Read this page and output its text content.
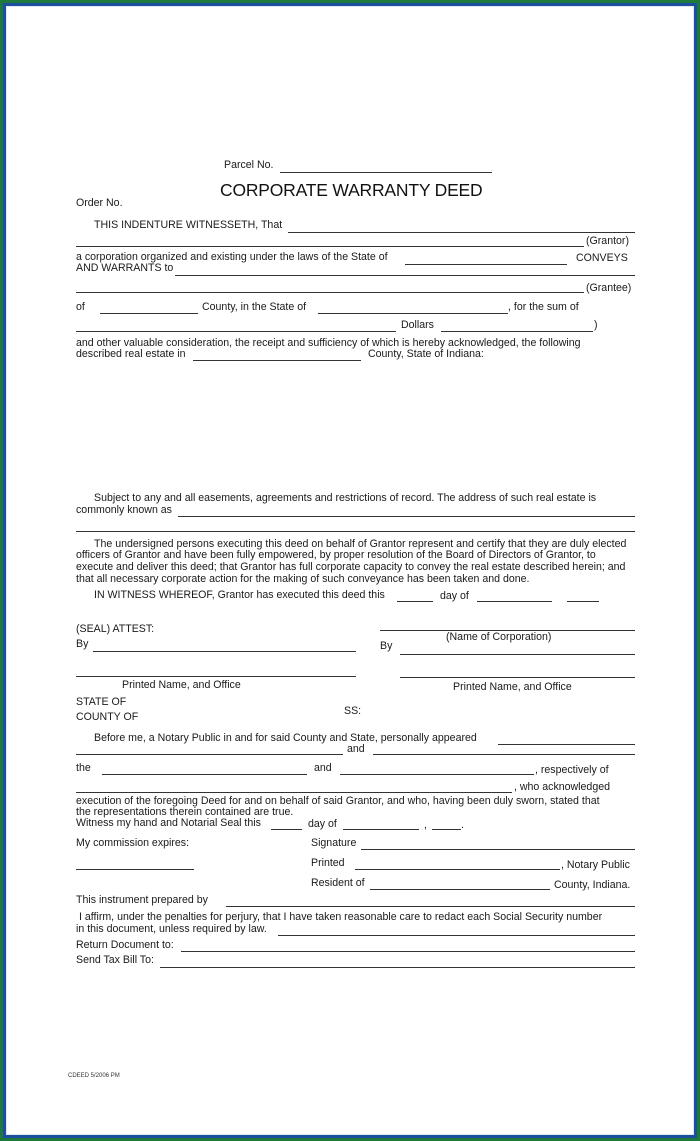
Parcel No.
CORPORATE WARRANTY DEED
Order No.
THIS INDENTURE WITNESSETH, That
(Grantor)
a corporation organized and existing under the laws of the State of	CONVEYS
AND WARRANTS to
(Grantee)
of	County, in the State of	, for the sum of
Dollars	)
and other valuable consideration, the receipt and sufficiency of which is hereby acknowledged, the following
described real estate in	County, State of Indiana:
Subject to any and all easements, agreements and restrictions of record. The address of such real estate is
commonly known as
The undersigned persons executing this deed on behalf of Grantor represent and certify that they are duly elected
officers of Grantor and have been fully empowered, by proper resolution of the Board of Directors of Grantor, to
execute and deliver this deed; that Grantor has full corporate capacity to convey the real estate described herein; and
that all necessary corporate action for the making of such conveyance has been taken and done.
IN WITNESS WHEREOF, Grantor has executed this deed this	day of
(SEAL) ATTEST:
(Name of Corporation)
By	By
Printed Name, and Office	Printed Name, and Office
STATE OF
COUNTY OF	SS:
Before me, a Notary Public in and for said County and State, personally appeared
and
the	and	, respectively of
, who acknowledged
execution of the foregoing Deed for and on behalf of said Grantor, and who, having been duly sworn, stated that
the representations therein contained are true.
Witness my hand and Notarial Seal this	day of	,	.
My commission expires:	Signature
Printed	, Notary Public
Resident of	County, Indiana.
This instrument prepared by
I affirm, under the penalties for perjury, that I have taken reasonable care to redact each Social Security number
in this document, unless required by law.
Return Document to:
Send Tax Bill To:
CDEED 5/2006 PM
